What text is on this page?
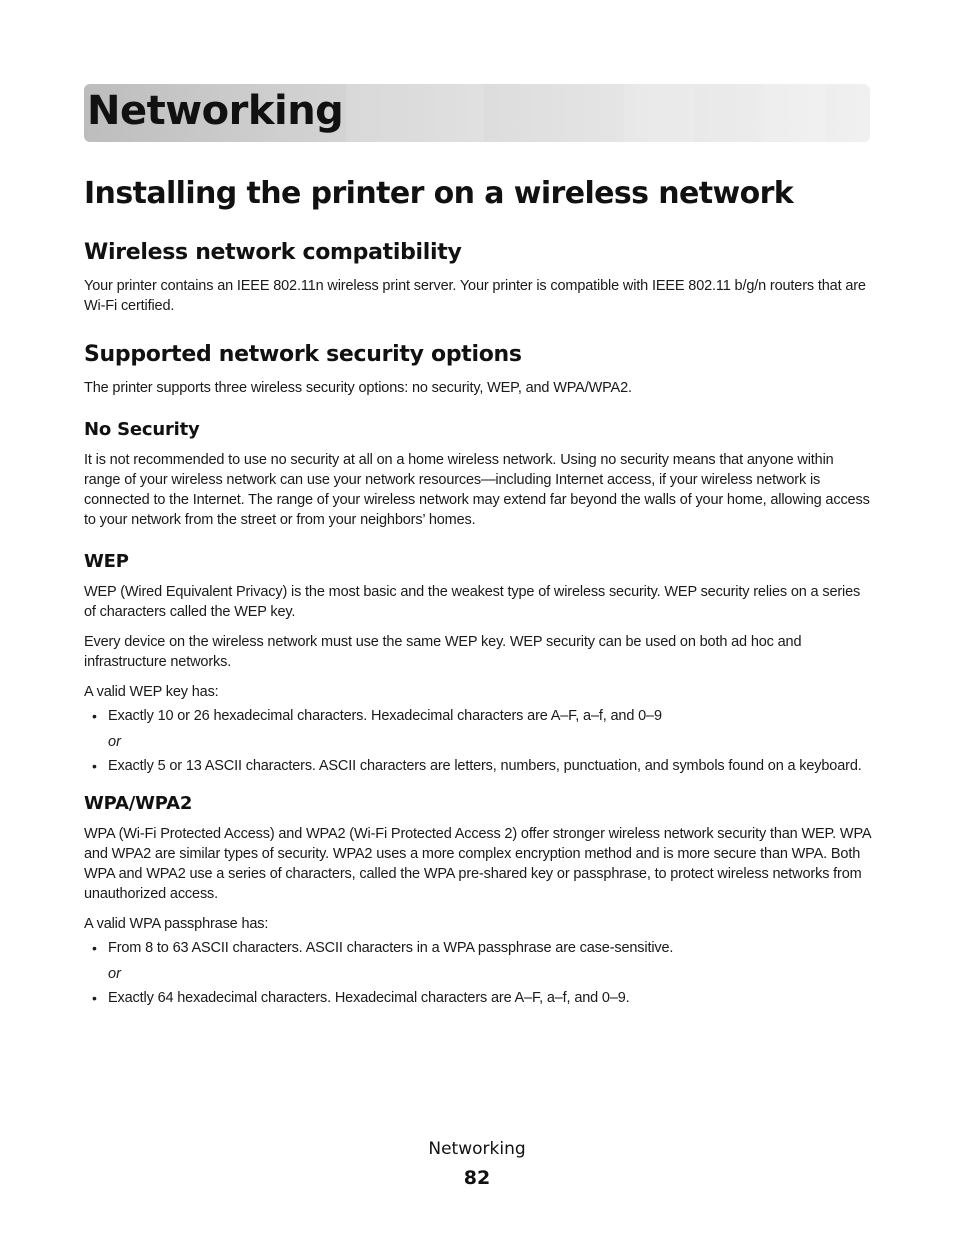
Networking
Installing the printer on a wireless network
Wireless network compatibility

Your printer contains an IEEE 802.11n wireless print server. Your printer is compatible with IEEE 802.11 b/g/n routers that are Wi-Fi certified.

Supported network security options

The printer supports three wireless security options: no security, WEP, and WPA/WPA2.

No Security

It is not recommended to use no security at all on a home wireless network. Using no security means that anyone within range of your wireless network can use your network resources—including Internet access, if your wireless network is connected to the Internet. The range of your wireless network may extend far beyond the walls of your home, allowing access to your network from the street or from your neighbors’ homes.

WEP

WEP (Wired Equivalent Privacy) is the most basic and the weakest type of wireless security. WEP security relies on a series of characters called the WEP key.

Every device on the wireless network must use the same WEP key. WEP security can be used on both ad hoc and infrastructure networks.

A valid WEP key has:

• Exactly 10 or 26 hexadecimal characters. Hexadecimal characters are A–F, a–f, and 0–9
or
• Exactly 5 or 13 ASCII characters. ASCII characters are letters, numbers, punctuation, and symbols found on a keyboard.
WPA/WPA2

WPA (Wi-Fi Protected Access) and WPA2 (Wi-Fi Protected Access 2) offer stronger wireless network security than WEP. WPA and WPA2 are similar types of security. WPA2 uses a more complex encryption method and is more secure than WPA. Both WPA and WPA2 use a series of characters, called the WPA pre-shared key or passphrase, to protect wireless networks from unauthorized access.

A valid WPA passphrase has:

• From 8 to 63 ASCII characters. ASCII characters in a WPA passphrase are case-sensitive.
or
• Exactly 64 hexadecimal characters. Hexadecimal characters are A–F, a–f, and 0–9.
Networking
82
